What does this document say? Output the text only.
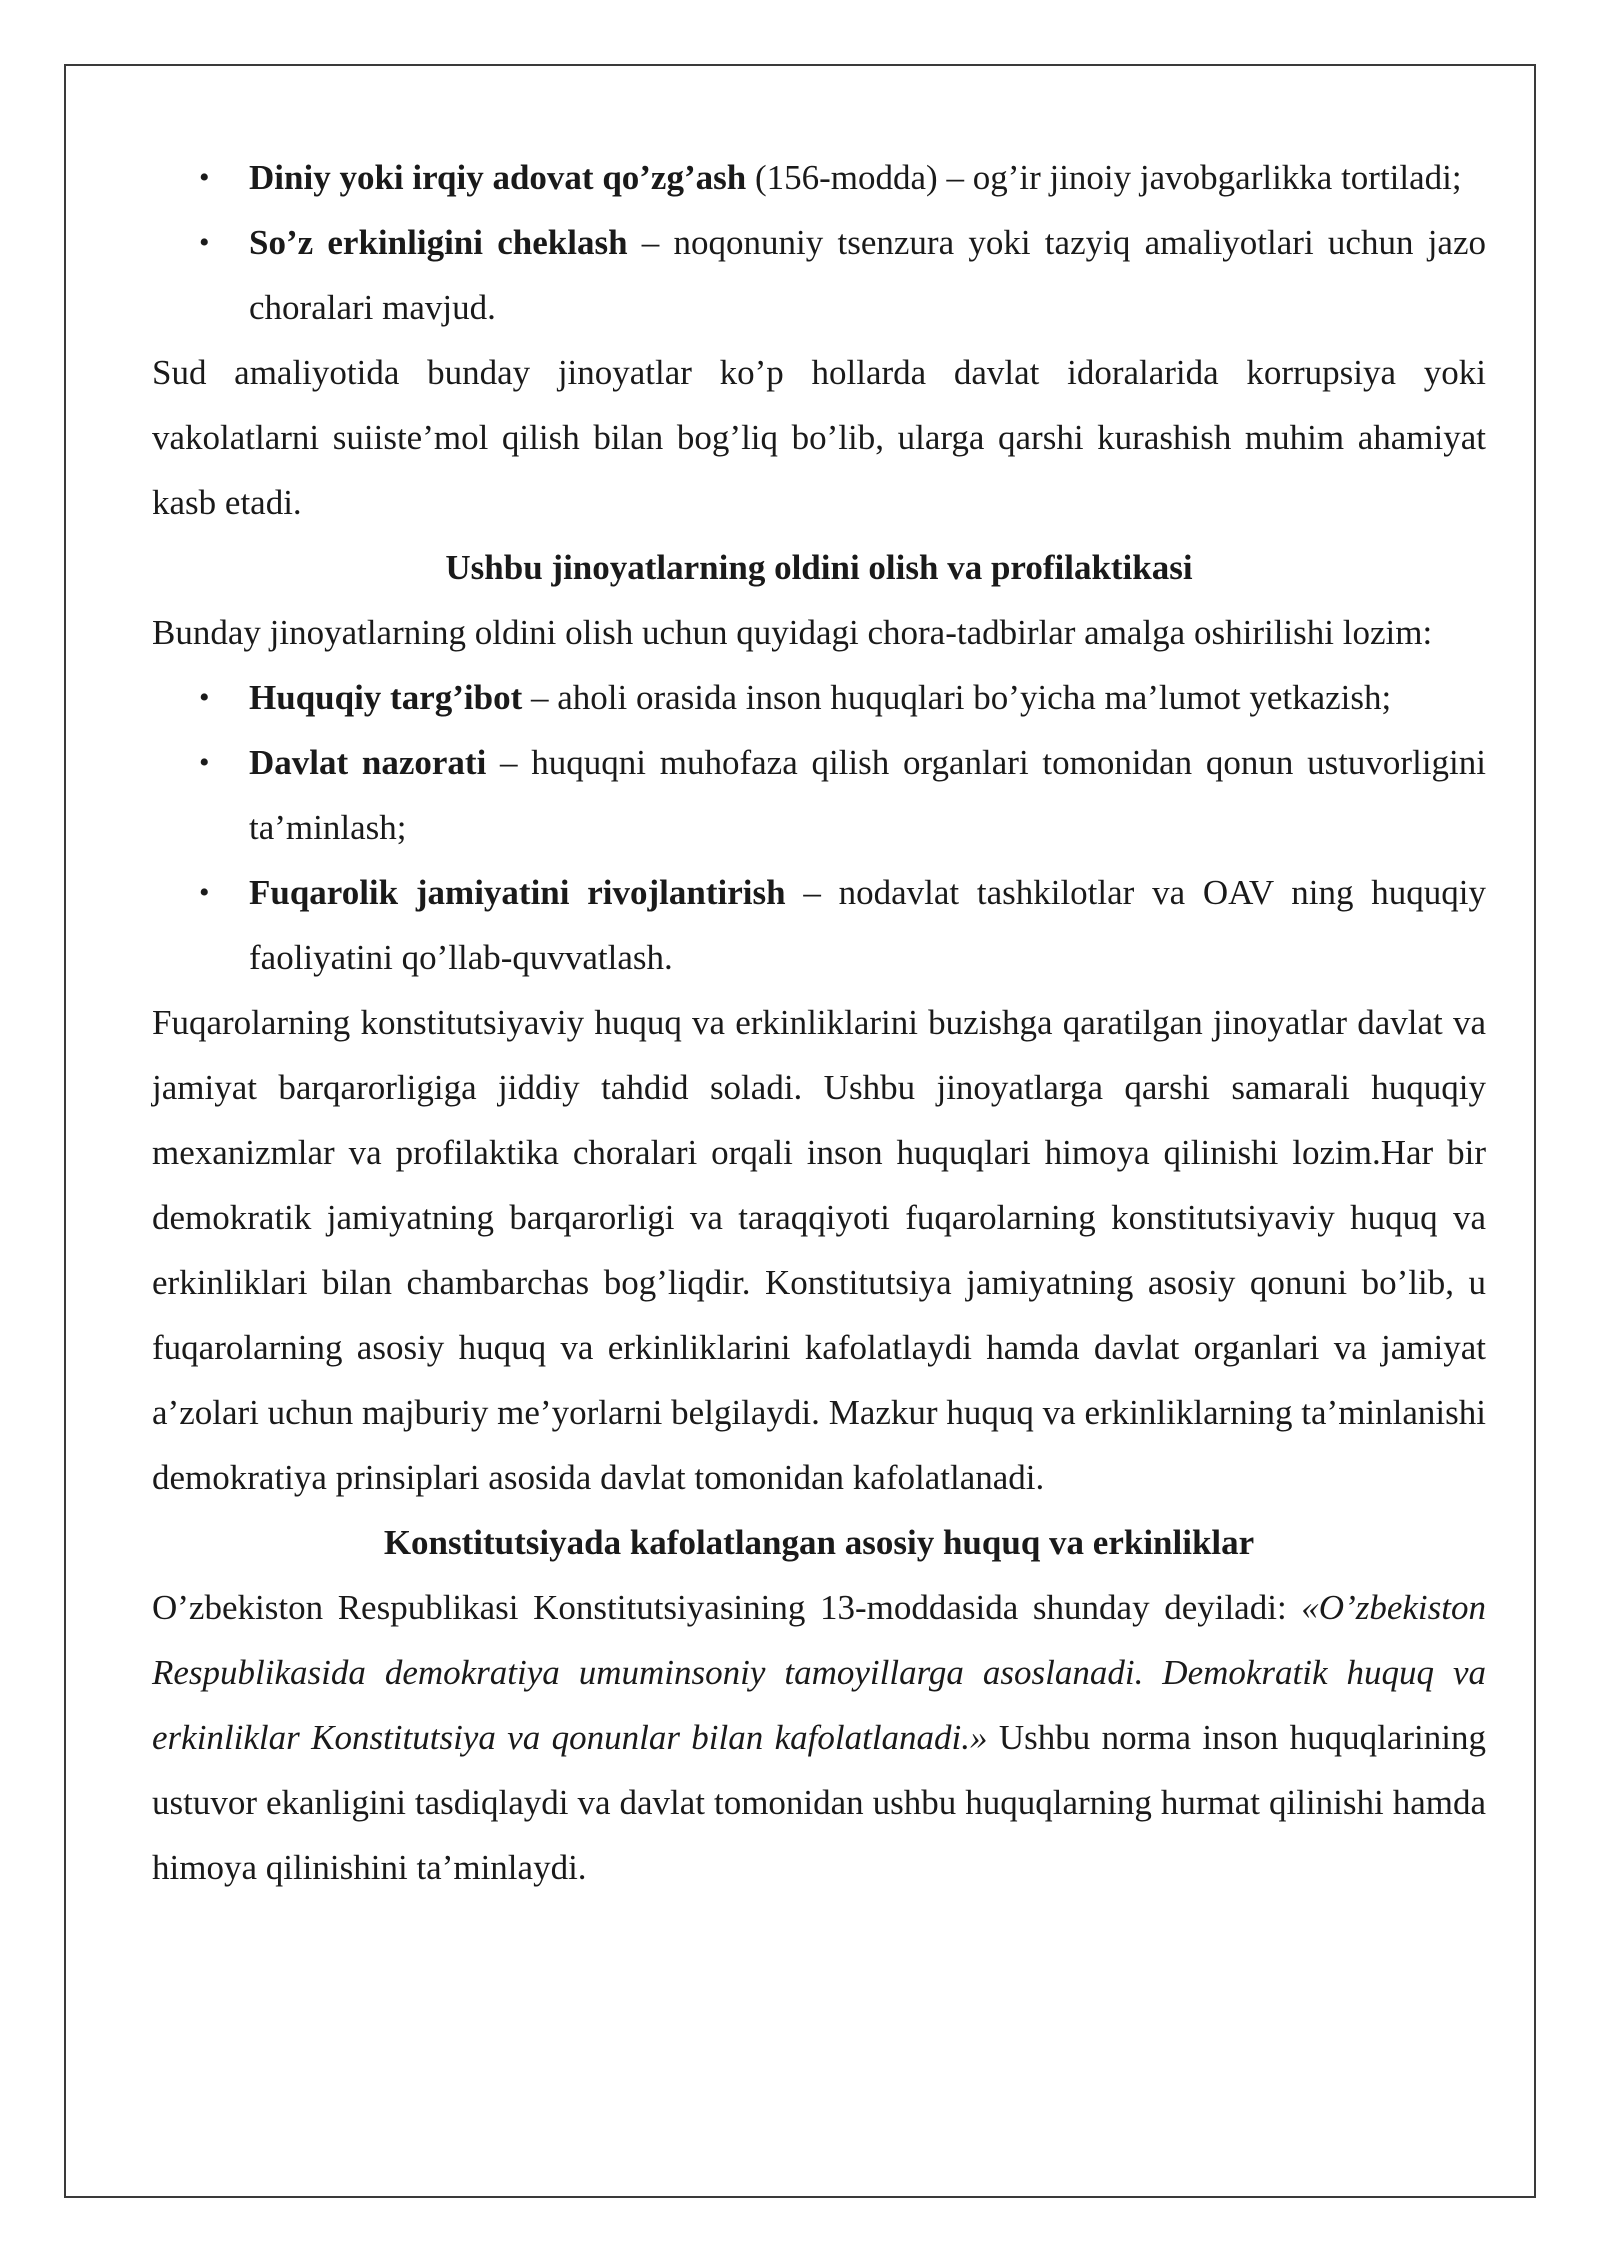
• Diniy yoki irqiy adovat qo’zg’ash (156-modda) – og’ir jinoiy javobgarlikka tortiladi;
• So’z erkinligini cheklash – noqonuniy tsenzura yoki tazyiq amaliyotlari uchun jazo choralari mavjud.

Sud amaliyotida bunday jinoyatlar ko’p hollarda davlat idoralarida korrupsiya yoki vakolatlarni suiiste’mol qilish bilan bog’liq bo’lib, ularga qarshi kurashish muhim ahamiyat kasb etadi.

Ushbu jinoyatlarning oldini olish va profilaktikasi

Bunday jinoyatlarning oldini olish uchun quyidagi chora-tadbirlar amalga oshirilishi lozim:

• Huquqiy targ’ibot – aholi orasida inson huquqlari bo’yicha ma’lumot yetkazish;
• Davlat nazorati – huquqni muhofaza qilish organlari tomonidan qonun ustuvorligini ta’minlash;
• Fuqarolik jamiyatini rivojlantirish – nodavlat tashkilotlar va OAV ning huquqiy faoliyatini qo’llab-quvvatlash.

Fuqarolarning konstitutsiyaviy huquq va erkinliklarini buzishga qaratilgan jinoyatlar davlat va jamiyat barqarorligiga jiddiy tahdid soladi. Ushbu jinoyatlarga qarshi samarali huquqiy mexanizmlar va profilaktika choralari orqali inson huquqlari himoya qilinishi lozim.Har bir demokratik jamiyatning barqarorligi va taraqqiyoti fuqarolarning konstitutsiyaviy huquq va erkinliklari bilan chambarchas bog’liqdir. Konstitutsiya jamiyatning asosiy qonuni bo’lib, u fuqarolarning asosiy huquq va erkinliklarini kafolatlaydi hamda davlat organlari va jamiyat a’zolari uchun majburiy me’yorlarni belgilaydi. Mazkur huquq va erkinliklarning ta’minlanishi demokratiya prinsiplari asosida davlat tomonidan kafolatlanadi.

Konstitutsiyada kafolatlangan asosiy huquq va erkinliklar

O’zbekiston Respublikasi Konstitutsiyasining 13-moddasida shunday deyiladi: «O’zbekiston Respublikasida demokratiya umuminsoniy tamoyillarga asoslanadi. Demokratik huquq va erkinliklar Konstitutsiya va qonunlar bilan kafolatlanadi.» Ushbu norma inson huquqlarining ustuvor ekanligini tasdiqlaydi va davlat tomonidan ushbu huquqlarning hurmat qilinishi hamda himoya qilinishini ta’minlaydi.
